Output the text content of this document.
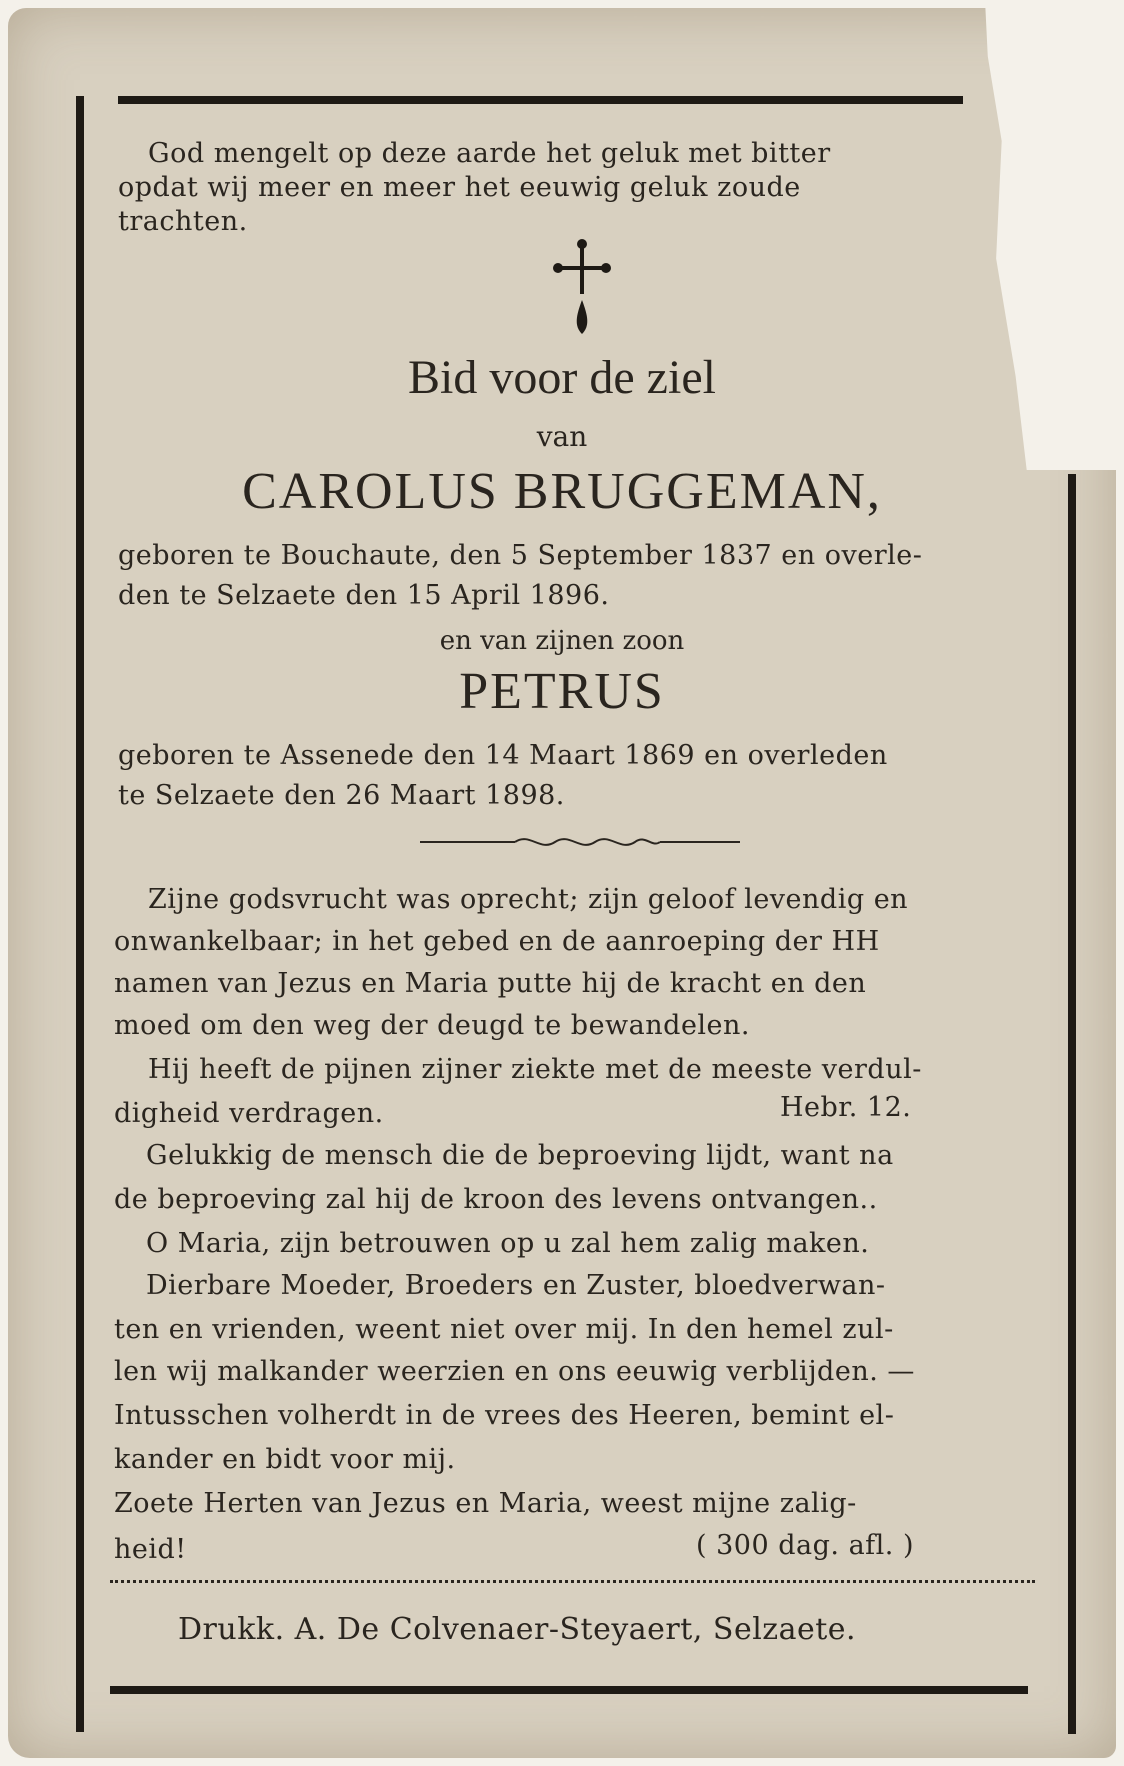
God mengelt op deze aarde het geluk met bitter
opdat wij meer en meer het eeuwig geluk zoude
trachten.
Bid voor de ziel
van
CAROLUS BRUGGEMAN,
geboren te Bouchaute, den 5 September 1837 en overle-
den te Selzaete den 15 April 1896.
en van zijnen zoon
PETRUS
geboren te Assenede den 14 Maart 1869 en overleden
te Selzaete den 26 Maart 1898.
Zijne godsvrucht was oprecht; zijn geloof levendig en
onwankelbaar; in het gebed en de aanroeping der HH
namen van Jezus en Maria putte hij de kracht en den
moed om den weg der deugd te bewandelen.
Hij heeft de pijnen zijner ziekte met de meeste verdul-
digheid verdragen.	Hebr. 12.
Gelukkig de mensch die de beproeving lijdt, want na
de beproeving zal hij de kroon des levens ontvangen..
O Maria, zijn betrouwen op u zal hem zalig maken.
Dierbare Moeder, Broeders en Zuster, bloedverwan-
ten en vrienden, weent niet over mij. In den hemel zul-
len wij malkander weerzien en ons eeuwig verblijden. —
Intusschen volherdt in de vrees des Heeren, bemint el-
kander en bidt voor mij.
Zoete Herten van Jezus en Maria, weest mijne zalig-
heid!	( 300 dag. afl. )
Drukk. A. De Colvenaer-Steyaert, Selzaete.
